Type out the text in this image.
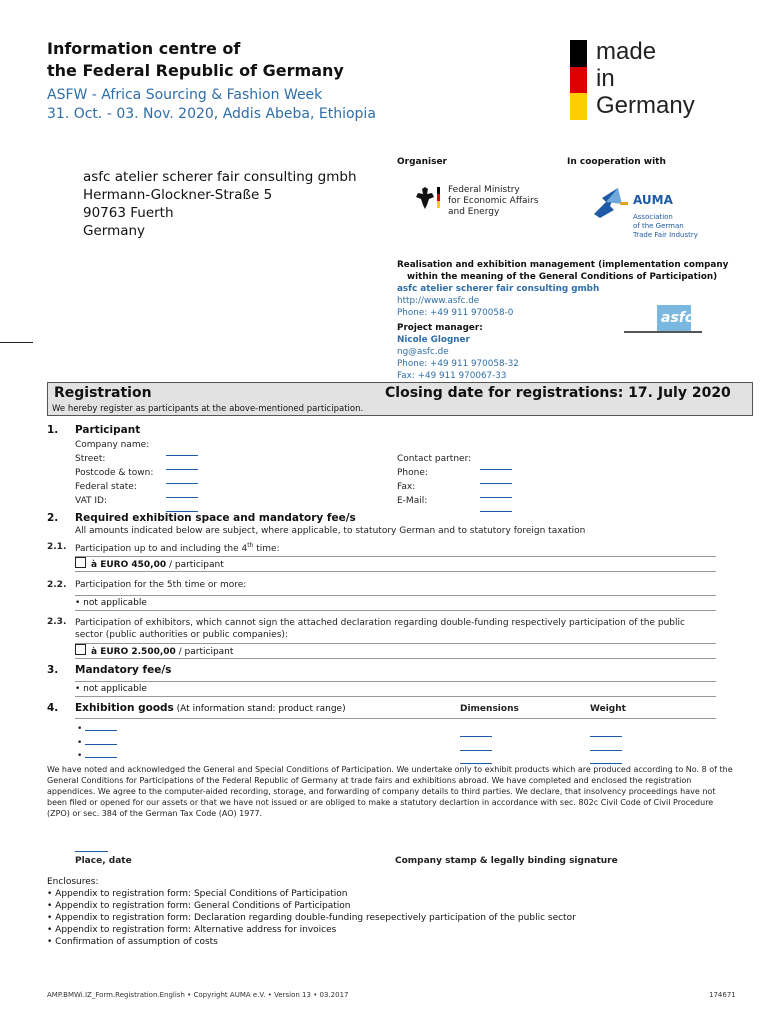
Information centre of
the Federal Republic of Germany
ASFW - Africa Sourcing & Fashion Week
31. Oct. - 03. Nov. 2020, Addis Abeba, Ethiopia
made
in
Germany
asfc atelier scherer fair consulting gmbh
Hermann-Glockner-Straße 5
90763 Fuerth
Germany
Organiser	In cooperation with
Federal Ministry
for Economic Affairs
and Energy
AUMA
Association
of the German
Trade Fair Industry
Realisation and exhibition management (implementation company
within the meaning of the General Conditions of Participation)
asfc atelier scherer fair consulting gmbh
http://www.asfc.de
Phone: +49 911 970058-0
Project manager:
Nicole Glogner
ng@asfc.de
Phone: +49 911 970058-32
Fax: +49 911 970067-33
asfc
Registration	Closing date for registrations: 17. July 2020
We hereby register as participants at the above-mentioned participation.
1. Participant
Company name:
Street:
Postcode & town:
Federal state:
VAT ID:
Contact partner:
Phone:
Fax:
E-Mail:
2. Required exhibition space and mandatory fee/s
All amounts indicated below are subject, where applicable, to statutory German and to statutory foreign taxation
2.1. Participation up to and including the 4th time:
à EURO 450,00 / participant
2.2. Participation for the 5th time or more:
• not applicable
2.3. Participation of exhibitors, which cannot sign the attached declaration regarding double-funding respectively participation of the public
sector (public authorities or public companies):
à EURO 2.500,00 / participant
3. Mandatory fee/s
• not applicable
4. Exhibition goods (At information stand: product range)	Dimensions	Weight
•
•
•
We have noted and acknowledged the General and Special Conditions of Participation. We undertake only to exhibit products which are produced according to No. 8 of the General Conditions for Participations of the Federal Republic of Germany at trade fairs and exhibitions abroad. We have completed and enclosed the registration appendices. We agree to the computer-aided recording, storage, and forwarding of company details to third parties. We declare, that insolvency proceedings have not been filed or opened for our assets or that we have not issued or are obliged to make a statutory declartion in accordance with sec. 802c Civil Code of Civil Procedure (ZPO) or sec. 384 of the German Tax Code (AO) 1977.
Place, date	Company stamp & legally binding signature
Enclosures:
• Appendix to registration form: Special Conditions of Participation
• Appendix to registration form: General Conditions of Participation
• Appendix to registration form: Declaration regarding double-funding resepectively participation of the public sector
• Appendix to registration form: Alternative address for invoices
• Confirmation of assumption of costs
AMP.BMWi.IZ_Form.Registration.English • Copyright AUMA e.V. • Version 13 • 03.2017	174671
